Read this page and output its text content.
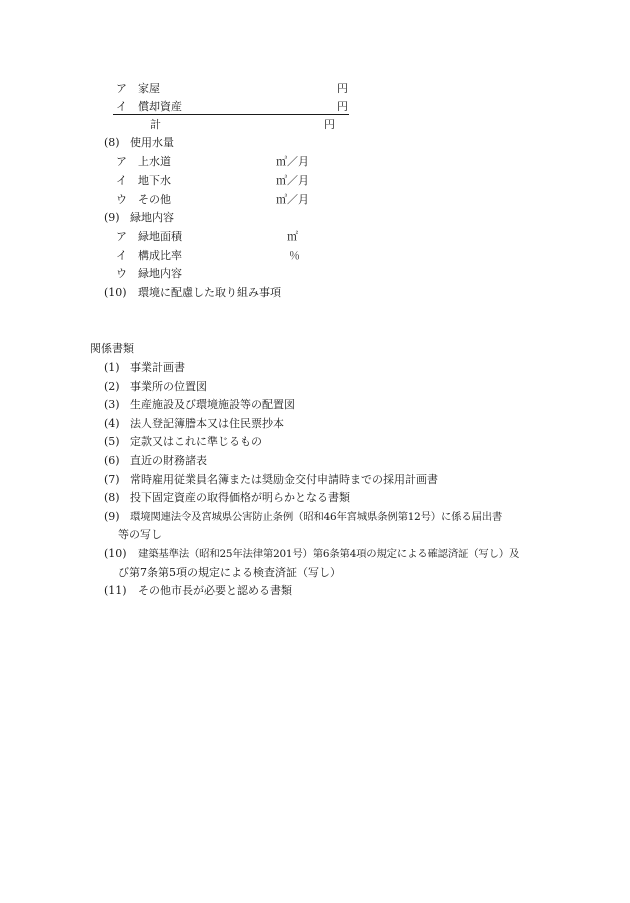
ア 家屋	円
イ 償却資産	円
計	円
(8) 使用水量
ア 上水道	㎥／月
イ 地下水	㎥／月
ウ その他	㎥／月
(9) 緑地内容
ア 緑地面積	㎡
イ 構成比率	％
ウ 緑地内容
(10) 環境に配慮した取り組み事項
関係書類
(1) 事業計画書
(2) 事業所の位置図
(3) 生産施設及び環境施設等の配置図
(4) 法人登記簿謄本又は住民票抄本
(5) 定款又はこれに準じるもの
(6) 直近の財務諸表
(7) 常時雇用従業員名簿または奨励金交付申請時までの採用計画書
(8) 投下固定資産の取得価格が明らかとなる書類
(9) 環境関連法令及宮城県公害防止条例（昭和46年宮城県条例第12号）に係る届出書
等の写し
(10) 建築基準法（昭和25年法律第201号）第6条第4項の規定による確認済証（写し）及
び第7条第5項の規定による検査済証（写し）
(11) その他市長が必要と認める書類
